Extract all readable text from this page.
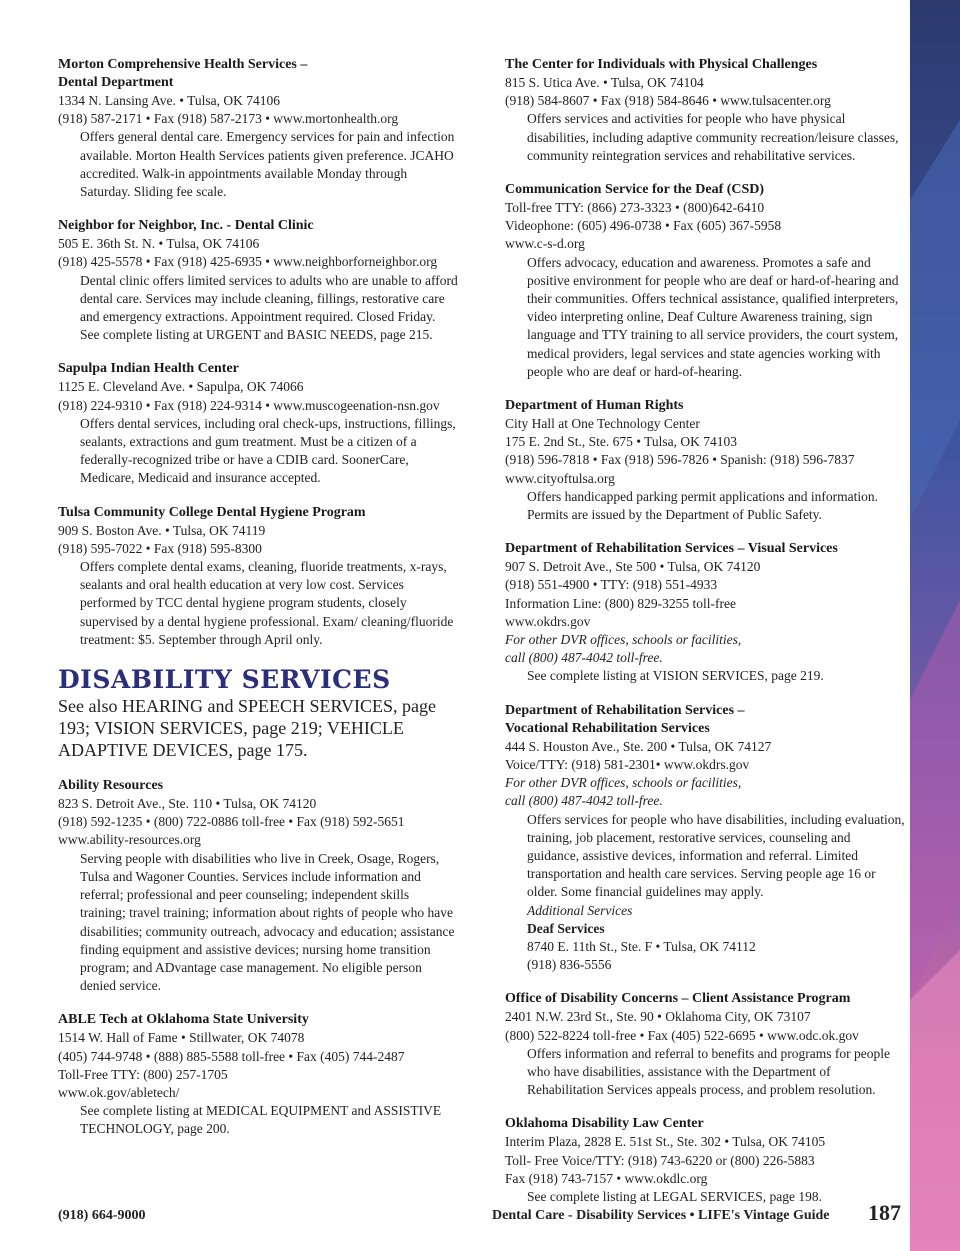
Morton Comprehensive Health Services –
Dental Department
1334 N. Lansing Ave. • Tulsa, OK 74106
(918) 587-2171 • Fax (918) 587-2173 • www.mortonhealth.org
Offers general dental care. Emergency services for pain and infection available. Morton Health Services patients given preference. JCAHO accredited. Walk-in appointments available Monday through Saturday. Sliding fee scale.
Neighbor for Neighbor, Inc. - Dental Clinic
505 E. 36th St. N. • Tulsa, OK 74106
(918) 425-5578 • Fax (918) 425-6935 • www.neighborforneighbor.org
Dental clinic offers limited services to adults who are unable to afford dental care. Services may include cleaning, fillings, restorative care and emergency extractions. Appointment required. Closed Friday. See complete listing at URGENT and BASIC NEEDS, page 215.
Sapulpa Indian Health Center
1125 E. Cleveland Ave. • Sapulpa, OK 74066
(918) 224-9310 • Fax (918) 224-9314 • www.muscogeenation-nsn.gov
Offers dental services, including oral check-ups, instructions, fillings, sealants, extractions and gum treatment. Must be a citizen of a federally-recognized tribe or have a CDIB card. SoonerCare, Medicare, Medicaid and insurance accepted.
Tulsa Community College Dental Hygiene Program
909 S. Boston Ave. • Tulsa, OK 74119
(918) 595-7022 • Fax (918) 595-8300
Offers complete dental exams, cleaning, fluoride treatments, x-rays, sealants and oral health education at very low cost. Services performed by TCC dental hygiene program students, closely supervised by a dental hygiene professional. Exam/ cleaning/fluoride treatment: $5. September through April only.
DISABILITY SERVICES
See also HEARING and SPEECH SERVICES, page 193; VISION SERVICES, page 219; VEHICLE ADAPTIVE DEVICES, page 175.
Ability Resources
823 S. Detroit Ave., Ste. 110 • Tulsa, OK 74120
(918) 592-1235 • (800) 722-0886 toll-free • Fax (918) 592-5651
www.ability-resources.org
Serving people with disabilities who live in Creek, Osage, Rogers, Tulsa and Wagoner Counties. Services include information and referral; professional and peer counseling; independent skills training; travel training; information about rights of people who have disabilities; community outreach, advocacy and education; assistance finding equipment and assistive devices; nursing home transition program; and ADvantage case management. No eligible person denied service.
ABLE Tech at Oklahoma State University
1514 W. Hall of Fame • Stillwater, OK 74078
(405) 744-9748 • (888) 885-5588 toll-free • Fax (405) 744-2487
Toll-Free TTY: (800) 257-1705
www.ok.gov/abletech/
See complete listing at MEDICAL EQUIPMENT and ASSISTIVE TECHNOLOGY, page 200.
The Center for Individuals with Physical Challenges
815 S. Utica Ave. • Tulsa, OK 74104
(918) 584-8607 • Fax (918) 584-8646 • www.tulsacenter.org
Offers services and activities for people who have physical disabilities, including adaptive community recreation/leisure classes, community reintegration services and rehabilitative services.
Communication Service for the Deaf (CSD)
Toll-free TTY: (866) 273-3323 • (800)642-6410
Videophone: (605) 496-0738 • Fax (605) 367-5958
www.c-s-d.org
Offers advocacy, education and awareness. Promotes a safe and positive environment for people who are deaf or hard-of-hearing and their communities. Offers technical assistance, qualified interpreters, video interpreting online, Deaf Culture Awareness training, sign language and TTY training to all service providers, the court system, medical providers, legal services and state agencies working with people who are deaf or hard-of-hearing.
Department of Human Rights
City Hall at One Technology Center
175 E. 2nd St., Ste. 675 • Tulsa, OK 74103
(918) 596-7818 • Fax (918) 596-7826 • Spanish: (918) 596-7837
www.cityoftulsa.org
Offers handicapped parking permit applications and information. Permits are issued by the Department of Public Safety.
Department of Rehabilitation Services – Visual Services
907 S. Detroit Ave., Ste 500 • Tulsa, OK 74120
(918) 551-4900 • TTY: (918) 551-4933
Information Line: (800) 829-3255 toll-free
www.okdrs.gov
For other DVR offices, schools or facilities,
call (800) 487-4042 toll-free.
See complete listing at VISION SERVICES, page 219.
Department of Rehabilitation Services –
Vocational Rehabilitation Services
444 S. Houston Ave., Ste. 200 • Tulsa, OK 74127
Voice/TTY: (918) 581-2301• www.okdrs.gov
For other DVR offices, schools or facilities,
call (800) 487-4042 toll-free.
Offers services for people who have disabilities, including evaluation, training, job placement, restorative services, counseling and guidance, assistive devices, information and referral. Limited transportation and health care services. Serving people age 16 or older. Some financial guidelines may apply.
Additional Services
Deaf Services
8740 E. 11th St., Ste. F • Tulsa, OK 74112
(918) 836-5556
Office of Disability Concerns – Client Assistance Program
2401 N.W. 23rd St., Ste. 90 • Oklahoma City, OK 73107
(800) 522-8224 toll-free • Fax (405) 522-6695 • www.odc.ok.gov
Offers information and referral to benefits and programs for people who have disabilities, assistance with the Department of Rehabilitation Services appeals process, and problem resolution.
Oklahoma Disability Law Center
Interim Plaza, 2828 E. 51st St., Ste. 302 • Tulsa, OK 74105
Toll- Free Voice/TTY: (918) 743-6220 or (800) 226-5883
Fax (918) 743-7157 • www.okdlc.org
See complete listing at LEGAL SERVICES, page 198.
(918) 664-9000	Dental Care - Disability Services • LIFE's Vintage Guide 187
